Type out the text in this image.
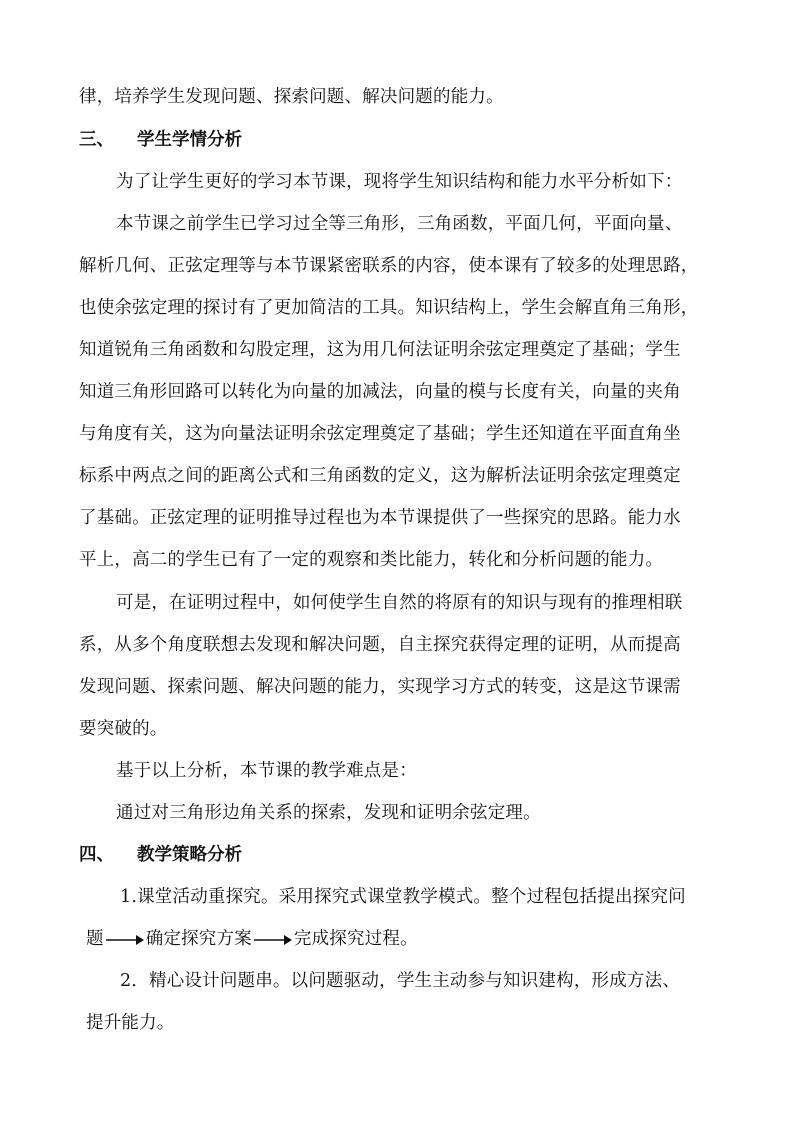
律，培养学生发现问题、探索问题、解决问题的能力。
三、 学生学情分析
为了让学生更好的学习本节课，现将学生知识结构和能力水平分析如下：
本节课之前学生已学习过全等三角形，三角函数，平面几何，平面向量、
解析几何、正弦定理等与本节课紧密联系的内容，使本课有了较多的处理思路，
也使余弦定理的探讨有了更加简洁的工具。知识结构上，学生会解直角三角形，
知道锐角三角函数和勾股定理，这为用几何法证明余弦定理奠定了基础；学生
知道三角形回路可以转化为向量的加减法，向量的模与长度有关，向量的夹角
与角度有关，这为向量法证明余弦定理奠定了基础；学生还知道在平面直角坐
标系中两点之间的距离公式和三角函数的定义，这为解析法证明余弦定理奠定
了基础。正弦定理的证明推导过程也为本节课提供了一些探究的思路。能力水
平上，高二的学生已有了一定的观察和类比能力，转化和分析问题的能力。
可是，在证明过程中，如何使学生自然的将原有的知识与现有的推理相联
系，从多个角度联想去发现和解决问题，自主探究获得定理的证明，从而提高
发现问题、探索问题、解决问题的能力，实现学习方式的转变，这是这节课需
要突破的。
基于以上分析，本节课的教学难点是：
通过对三角形边角关系的探索，发现和证明余弦定理。
四、 教学策略分析
1.课堂活动重探究。采用探究式课堂教学模式。整个过程包括提出探究问
题 确定探究方案 完成探究过程。
2．精心设计问题串。以问题驱动，学生主动参与知识建构，形成方法、
提升能力。
